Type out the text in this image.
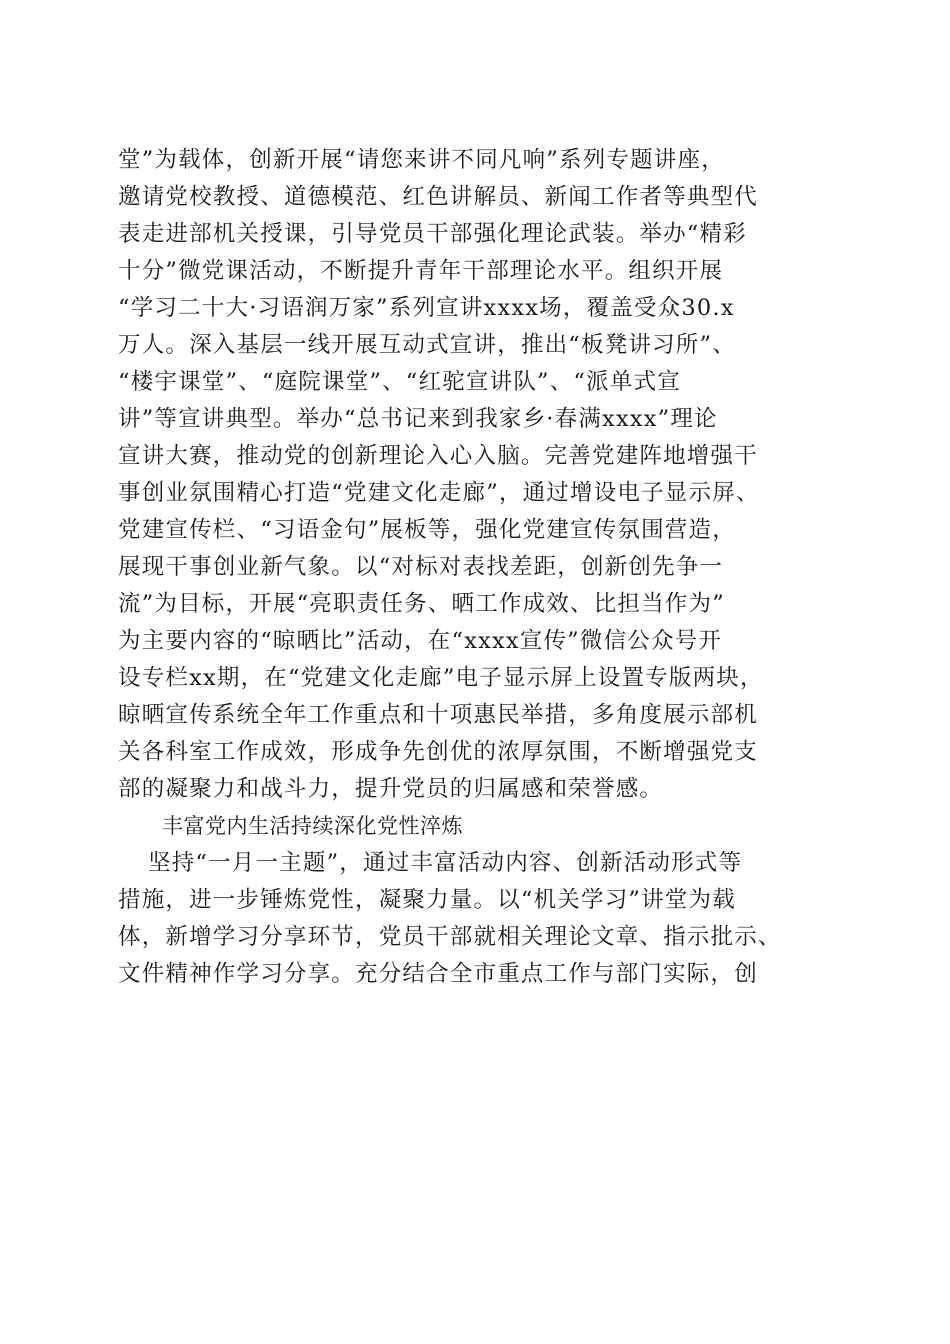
堂”为载体，创新开展“请您来讲不同凡响”系列专题讲座，
邀请党校教授、道德模范、红色讲解员、新闻工作者等典型代
表走进部机关授课，引导党员干部强化理论武装。举办“精彩
十分”微党课活动，不断提升青年干部理论水平。组织开展
“学习二十大·习语润万家”系列宣讲xxxx场，覆盖受众30.x
万人。深入基层一线开展互动式宣讲，推出“板凳讲习所”、
“楼宇课堂”、“庭院课堂”、“红驼宣讲队”、“派单式宣
讲”等宣讲典型。举办“总书记来到我家乡·春满xxxx”理论
宣讲大赛，推动党的创新理论入心入脑。完善党建阵地增强干
事创业氛围精心打造“党建文化走廊”，通过增设电子显示屏、
党建宣传栏、“习语金句”展板等，强化党建宣传氛围营造，
展现干事创业新气象。以“对标对表找差距，创新创先争一
流”为目标，开展“亮职责任务、晒工作成效、比担当作为”
为主要内容的“晾晒比”活动，在“xxxx宣传”微信公众号开
设专栏xx期，在“党建文化走廊”电子显示屏上设置专版两块，
晾晒宣传系统全年工作重点和十项惠民举措，多角度展示部机
关各科室工作成效，形成争先创优的浓厚氛围，不断增强党支
部的凝聚力和战斗力，提升党员的归属感和荣誉感。
丰富党内生活持续深化党性淬炼
坚持“一月一主题”，通过丰富活动内容、创新活动形式等
措施，进一步锤炼党性，凝聚力量。以“机关学习”讲堂为载
体，新增学习分享环节，党员干部就相关理论文章、指示批示、
文件精神作学习分享。充分结合全市重点工作与部门实际，创
